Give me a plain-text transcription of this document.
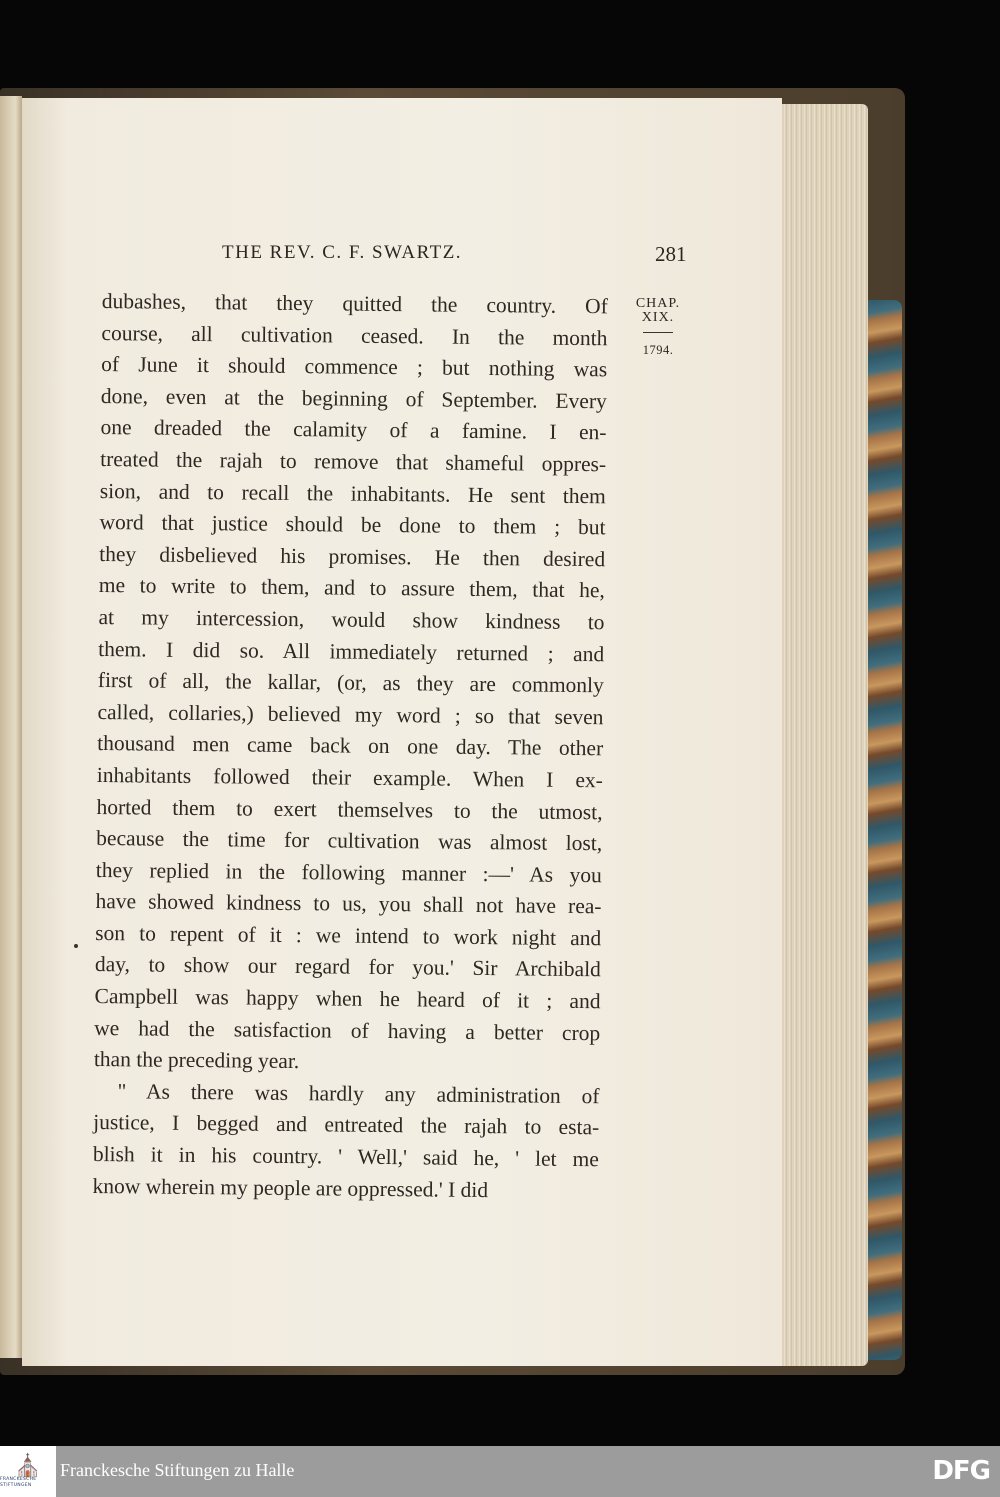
THE REV. C. F. SWARTZ.	281
CHAP.
XIX.
1794.
dubashes, that they quitted the country. Of
course, all cultivation ceased. In the month
of June it should commence ; but nothing was
done, even at the beginning of September. Every
one dreaded the calamity of a famine. I en-
treated the rajah to remove that shameful oppres-
sion, and to recall the inhabitants. He sent them
word that justice should be done to them ; but
they disbelieved his promises. He then desired
me to write to them, and to assure them, that he,
at my intercession, would show kindness to
them. I did so. All immediately returned ; and
first of all, the kallar, (or, as they are commonly
called, collaries,) believed my word ; so that seven
thousand men came back on one day. The other
inhabitants followed their example. When I ex-
horted them to exert themselves to the utmost,
because the time for cultivation was almost lost,
they replied in the following manner :—' As you
have showed kindness to us, you shall not have rea-
son to repent of it : we intend to work night and
day, to show our regard for you.' Sir Archibald
Campbell was happy when he heard of it ; and
we had the satisfaction of having a better crop
than the preceding year.
" As there was hardly any administration of
justice, I begged and entreated the rajah to esta-
blish it in his country. ' Well,' said he, ' let me
know wherein my people are oppressed.' I did
⛪
FRANCKESCHE STIFTUNGEN
Franckesche Stiftungen zu Halle	DFG
